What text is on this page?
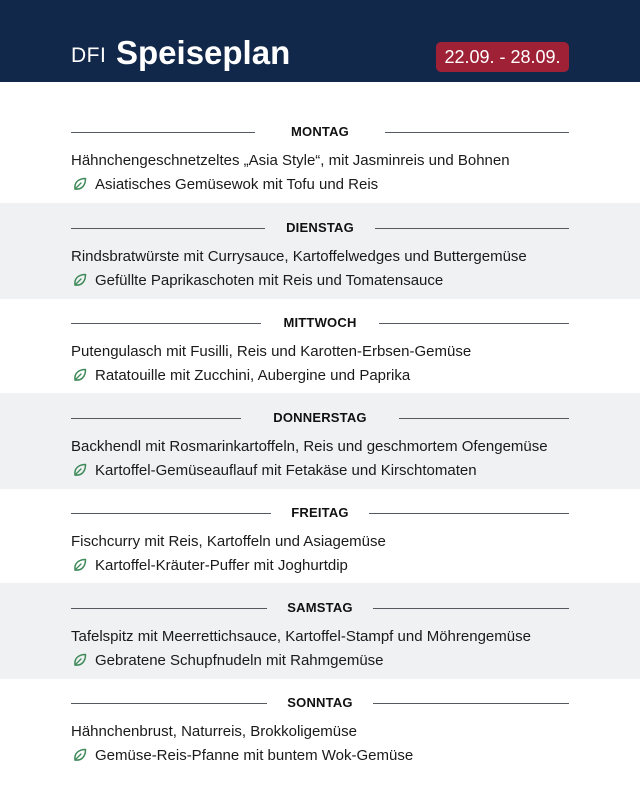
DFI Speiseplan	22.09. - 28.09.
MONTAG
Hähnchengeschnetzeltes „Asia Style“, mit Jasminreis und Bohnen
Asiatisches Gemüsewok mit Tofu und Reis
DIENSTAG
Rindsbratwürste mit Currysauce, Kartoffelwedges und Buttergemüse
Gefüllte Paprikaschoten mit Reis und Tomatensauce
MITTWOCH
Putengulasch mit Fusilli, Reis und Karotten-Erbsen-Gemüse
Ratatouille mit Zucchini, Aubergine und Paprika
DONNERSTAG
Backhendl mit Rosmarinkartoffeln, Reis und geschmortem Ofengemüse
Kartoffel-Gemüseauflauf mit Fetakäse und Kirschtomaten
FREITAG
Fischcurry mit Reis, Kartoffeln und Asiagemüse
Kartoffel-Kräuter-Puffer mit Joghurtdip
SAMSTAG
Tafelspitz mit Meerrettichsauce, Kartoffel-Stampf und Möhrengemüse
Gebratene Schupfnudeln mit Rahmgemüse
SONNTAG
Hähnchenbrust, Naturreis, Brokkoligemüse
Gemüse-Reis-Pfanne mit buntem Wok-Gemüse
